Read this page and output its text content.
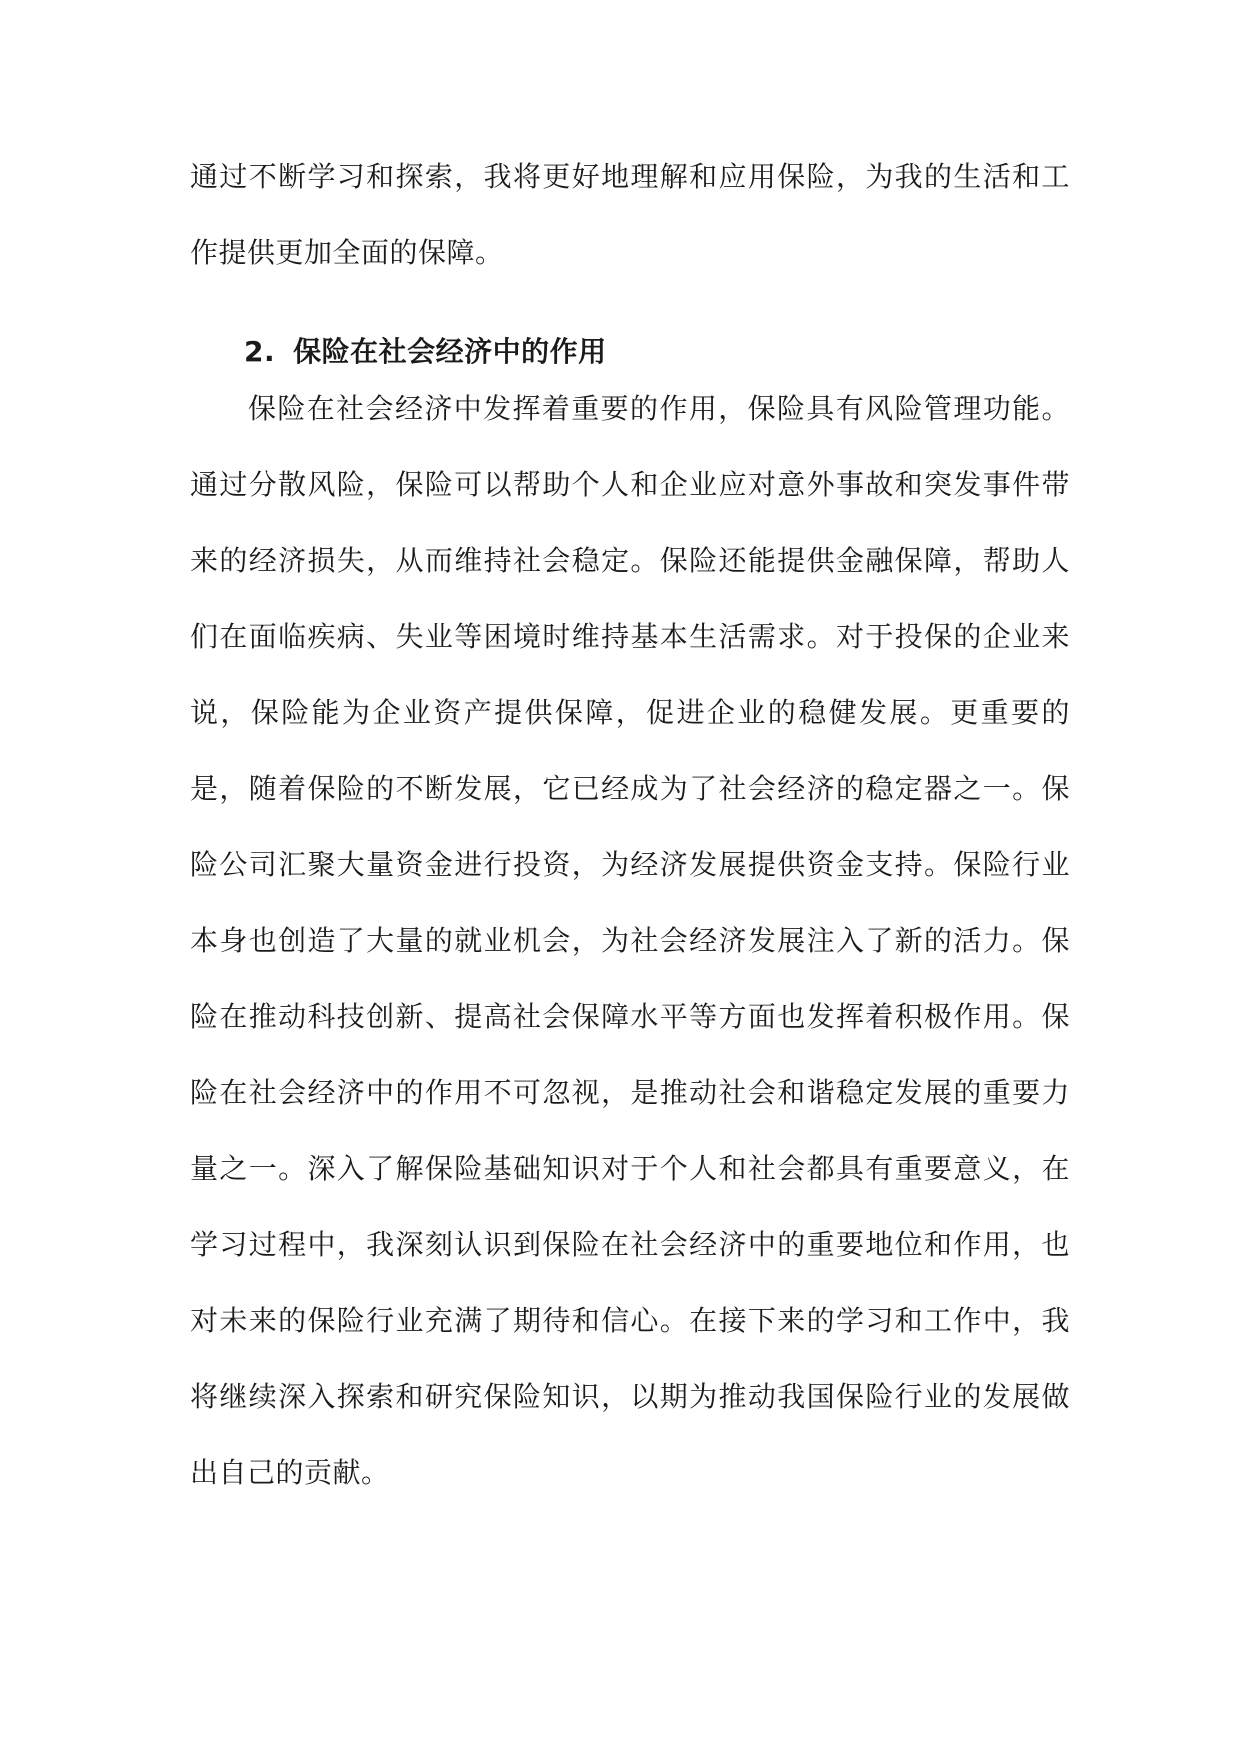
通过不断学习和探索，我将更好地理解和应用保险，为我的生活和工作提供更加全面的保障。

2. 保险在社会经济中的作用

保险在社会经济中发挥着重要的作用，保险具有风险管理功能。通过分散风险，保险可以帮助个人和企业应对意外事故和突发事件带来的经济损失，从而维持社会稳定。保险还能提供金融保障，帮助人们在面临疾病、失业等困境时维持基本生活需求。对于投保的企业来说，保险能为企业资产提供保障，促进企业的稳健发展。更重要的是，随着保险的不断发展，它已经成为了社会经济的稳定器之一。保险公司汇聚大量资金进行投资，为经济发展提供资金支持。保险行业本身也创造了大量的就业机会，为社会经济发展注入了新的活力。保险在推动科技创新、提高社会保障水平等方面也发挥着积极作用。保险在社会经济中的作用不可忽视，是推动社会和谐稳定发展的重要力量之一。深入了解保险基础知识对于个人和社会都具有重要意义，在学习过程中，我深刻认识到保险在社会经济中的重要地位和作用，也对未来的保险行业充满了期待和信心。在接下来的学习和工作中，我将继续深入探索和研究保险知识，以期为推动我国保险行业的发展做出自己的贡献。
